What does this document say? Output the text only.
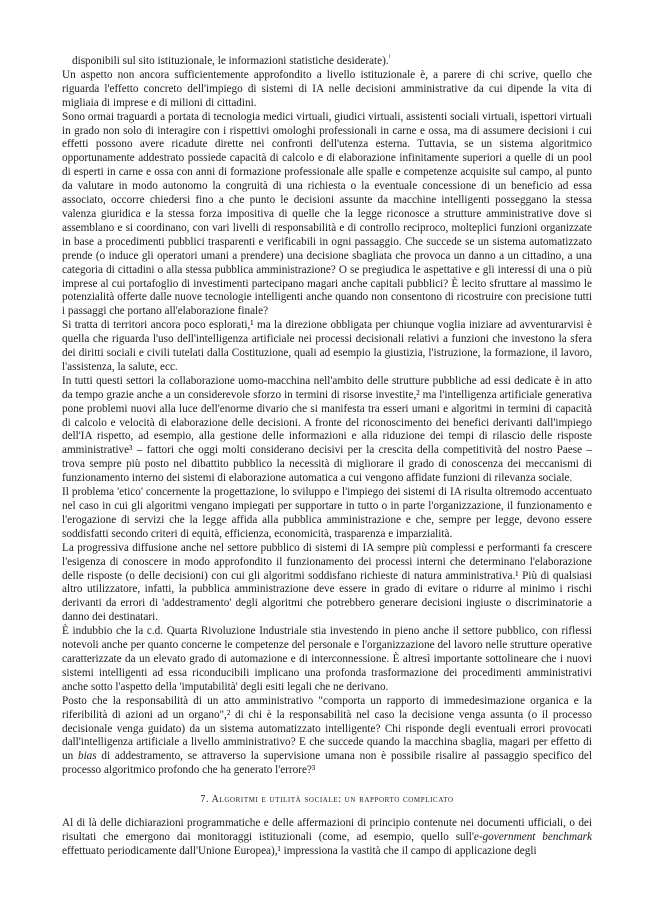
disponibili sul sito istituzionale, le informazioni statistiche desiderate).$^{^1}$

Un aspetto non ancora sufficientemente approfondito a livello istituzionale è, a parere di chi scrive, quello che riguarda l'effetto concreto dell'impiego di sistemi di IA nelle decisioni amministrative da cui dipende la vita di migliaia di imprese e di milioni di cittadini.

Sono ormai traguardi a portata di tecnologia medici virtuali, giudici virtuali, assistenti sociali virtuali, ispettori virtuali in grado non solo di interagire con i rispettivi omologhi professionali in carne e ossa, ma di assumere decisioni i cui effetti possono avere ricadute dirette nei confronti dell'utenza esterna. Tuttavia, se un sistema algoritmico opportunamente addestrato possiede capacità di calcolo e di elaborazione infinitamente superiori a quelle di un pool di esperti in carne e ossa con anni di formazione professionale alle spalle e competenze acquisite sul campo, al punto da valutare in modo autonomo la congruità di una richiesta o la eventuale concessione di un beneficio ad essa associato, occorre chiedersi fino a che punto le decisioni assunte da macchine intelligenti posseggano la stessa valenza giuridica e la stessa forza impositiva di quelle che la legge riconosce a strutture amministrative dove si assemblano e si coordinano, con vari livelli di responsabilità e di controllo reciproco, molteplici funzioni organizzate in base a procedimenti pubblici trasparenti e verificabili in ogni passaggio. Che succede se un sistema automatizzato prende (o induce gli operatori umani a prendere) una decisione sbagliata che provoca un danno a un cittadino, a una categoria di cittadini o alla stessa pubblica amministrazione? O se pregiudica le aspettative e gli interessi di una o più imprese al cui portafoglio di investimenti partecipano magari anche capitali pubblici? È lecito sfruttare al massimo le potenzialità offerte dalle nuove tecnologie intelligenti anche quando non consentono di ricostruire con precisione tutti i passaggi che portano all'elaborazione finale?

Si tratta di territori ancora poco esplorati,¹ ma la direzione obbligata per chiunque voglia iniziare ad avventurarvisi è quella che riguarda l'uso dell'intelligenza artificiale nei processi decisionali relativi a funzioni che investono la sfera dei diritti sociali e civili tutelati dalla Costituzione, quali ad esempio la giustizia, l'istruzione, la formazione, il lavoro, l'assistenza, la salute, ecc.

In tutti questi settori la collaborazione uomo-macchina nell'ambito delle strutture pubbliche ad essi dedicate è in atto da tempo grazie anche a un considerevole sforzo in termini di risorse investite,² ma l'intelligenza artificiale generativa pone problemi nuovi alla luce dell'enorme divario che si manifesta tra esseri umani e algoritmi in termini di capacità di calcolo e velocità di elaborazione delle decisioni. A fronte del riconoscimento dei benefici derivanti dall'impiego dell'IA rispetto, ad esempio, alla gestione delle informazioni e alla riduzione dei tempi di rilascio delle risposte amministrative³ – fattori che oggi molti considerano decisivi per la crescita della competitività del nostro Paese – trova sempre più posto nel dibattito pubblico la necessità di migliorare il grado di conoscenza dei meccanismi di funzionamento interno dei sistemi di elaborazione automatica a cui vengono affidate funzioni di rilevanza sociale.

Il problema 'etico' concernente la progettazione, lo sviluppo e l'impiego dei sistemi di IA risulta oltremodo accentuato nel caso in cui gli algoritmi vengano impiegati per supportare in tutto o in parte l'organizzazione, il funzionamento e l'erogazione di servizi che la legge affida alla pubblica amministrazione e che, sempre per legge, devono essere soddisfatti secondo criteri di equità, efficienza, economicità, trasparenza e imparzialità.

La progressiva diffusione anche nel settore pubblico di sistemi di IA sempre più complessi e performanti fa crescere l'esigenza di conoscere in modo approfondito il funzionamento dei processi interni che determinano l'elaborazione delle risposte (o delle decisioni) con cui gli algoritmi soddisfano richieste di natura amministrativa.¹ Più di qualsiasi altro utilizzatore, infatti, la pubblica amministrazione deve essere in grado di evitare o ridurre al minimo i rischi derivanti da errori di 'addestramento' degli algoritmi che potrebbero generare decisioni ingiuste o discriminatorie a danno dei destinatari.

È indubbio che la c.d. Quarta Rivoluzione Industriale stia investendo in pieno anche il settore pubblico, con riflessi notevoli anche per quanto concerne le competenze del personale e l'organizzazione del lavoro nelle strutture operative caratterizzate da un elevato grado di automazione e di interconnessione. È altresì importante sottolineare che i nuovi sistemi intelligenti ad essa riconducibili implicano una profonda trasformazione dei procedimenti amministrativi anche sotto l'aspetto della 'imputabilità' degli esiti legali che ne derivano.

Posto che la responsabilità di un atto amministrativo "comporta un rapporto di immedesimazione organica e la riferibilità di azioni ad un organo",² di chi è la responsabilità nel caso la decisione venga assunta (o il processo decisionale venga guidato) da un sistema automatizzato intelligente? Chi risponde degli eventuali errori provocati dall'intelligenza artificiale a livello amministrativo? E che succede quando la macchina sbaglia, magari per effetto di un bias di addestramento, se attraverso la supervisione umana non è possibile risalire al passaggio specifico del processo algoritmico profondo che ha generato l'errore?³

7. Algoritmi e utilità sociale: un rapporto complicato

Al di là delle dichiarazioni programmatiche e delle affermazioni di principio contenute nei documenti ufficiali, o dei risultati che emergono dai monitoraggi istituzionali (come, ad esempio, quello sull'e-government benchmark effettuato periodicamente dall'Unione Europea),¹ impressiona la vastità che il campo di applicazione degli
